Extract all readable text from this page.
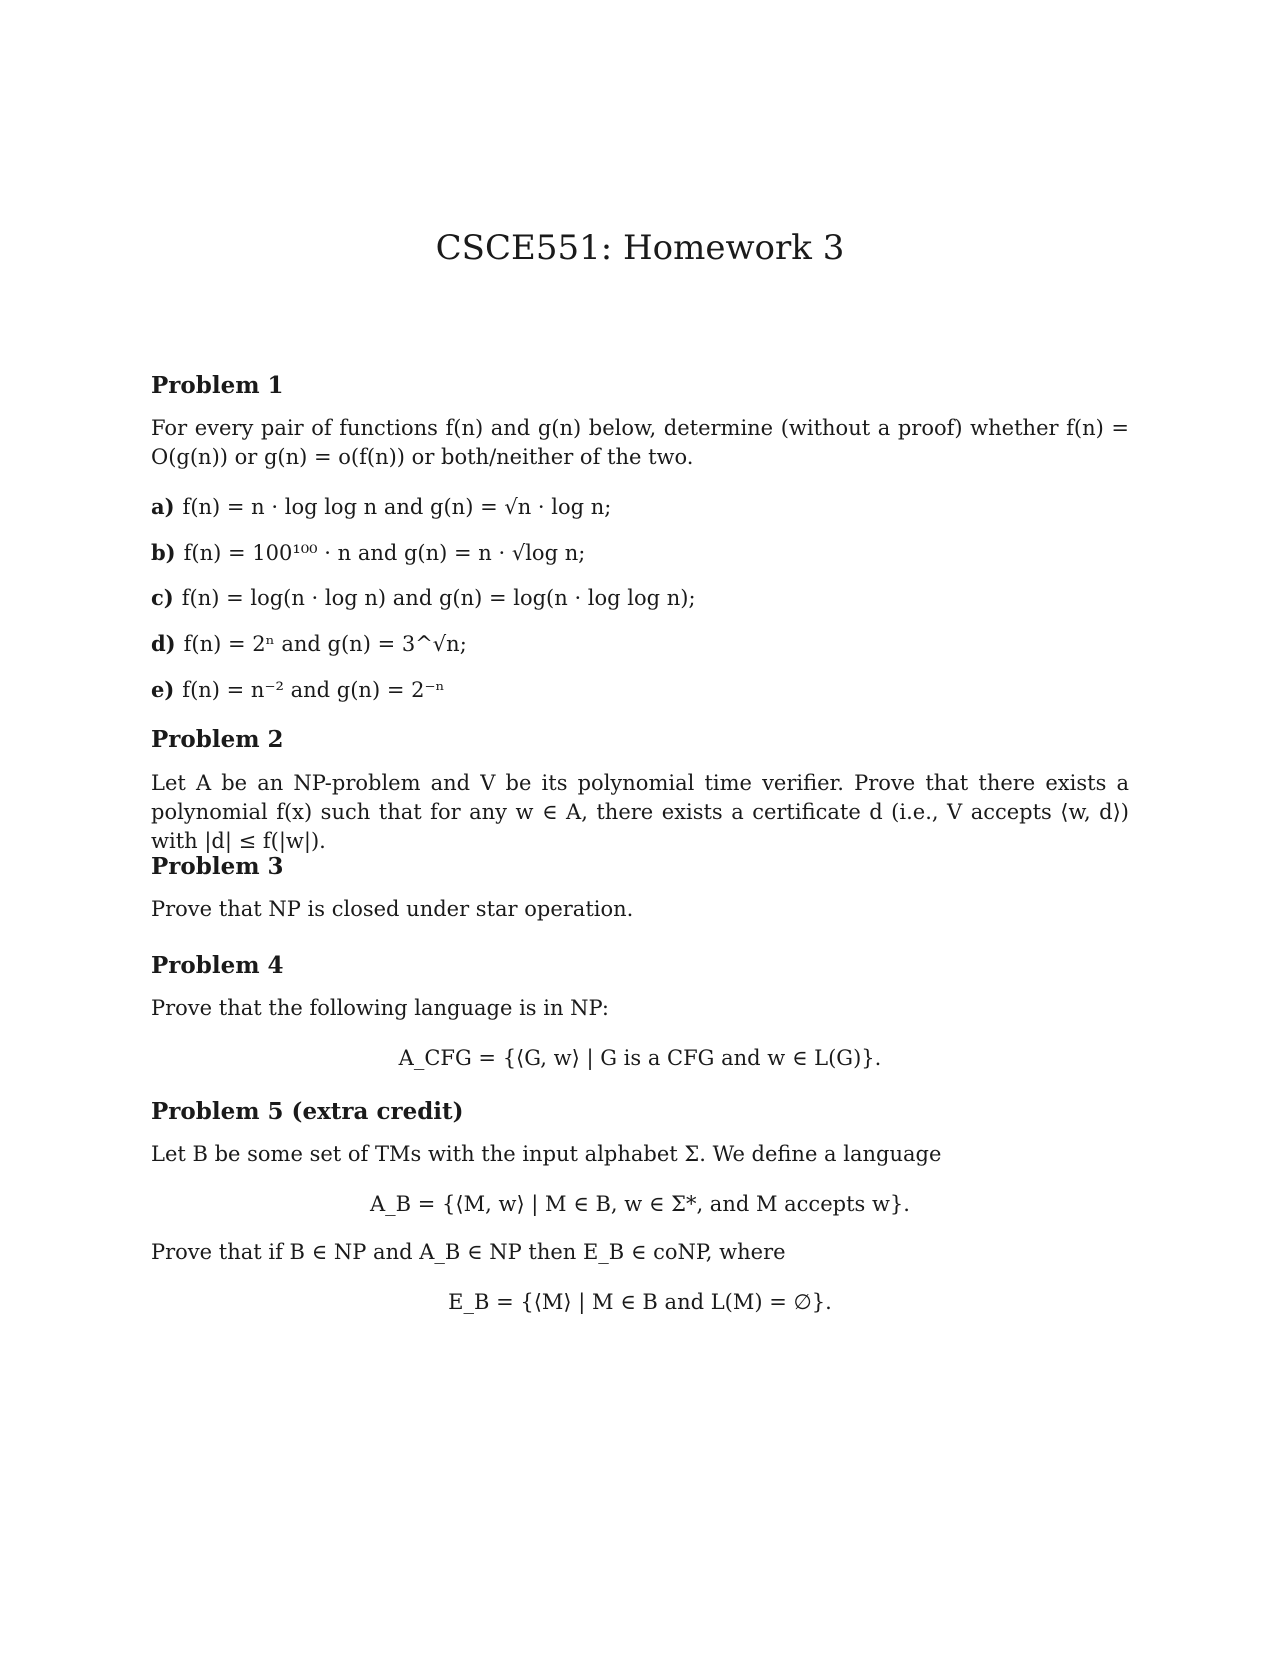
CSCE551: Homework 3
Problem 1

For every pair of functions f(n) and g(n) below, determine (without a proof) whether f(n) = O(g(n)) or g(n) = o(f(n)) or both/neither of the two.

a) f(n) = n · log log n and g(n) = √n · log n;
b) f(n) = 100¹⁰⁰ · n and g(n) = n · √log n;
c) f(n) = log(n · log n) and g(n) = log(n · log log n);
d) f(n) = 2ⁿ and g(n) = 3^√n;
e) f(n) = n⁻² and g(n) = 2⁻ⁿ
Problem 2

Let A be an NP-problem and V be its polynomial time verifier. Prove that there exists a polynomial f(x) such that for any w ∈ A, there exists a certificate d (i.e., V accepts ⟨w, d⟩) with |d| ≤ f(|w|).

Problem 3

Prove that NP is closed under star operation.

Problem 4

Prove that the following language is in NP:

A_CFG = {⟨G, w⟩ | G is a CFG and w ∈ L(G)}.

Problem 5 (extra credit)

Let B be some set of TMs with the input alphabet Σ. We define a language

A_B = {⟨M, w⟩ | M ∈ B, w ∈ Σ*, and M accepts w}.

Prove that if B ∈ NP and A_B ∈ NP then E_B ∈ coNP, where

E_B = {⟨M⟩ | M ∈ B and L(M) = ∅}.
